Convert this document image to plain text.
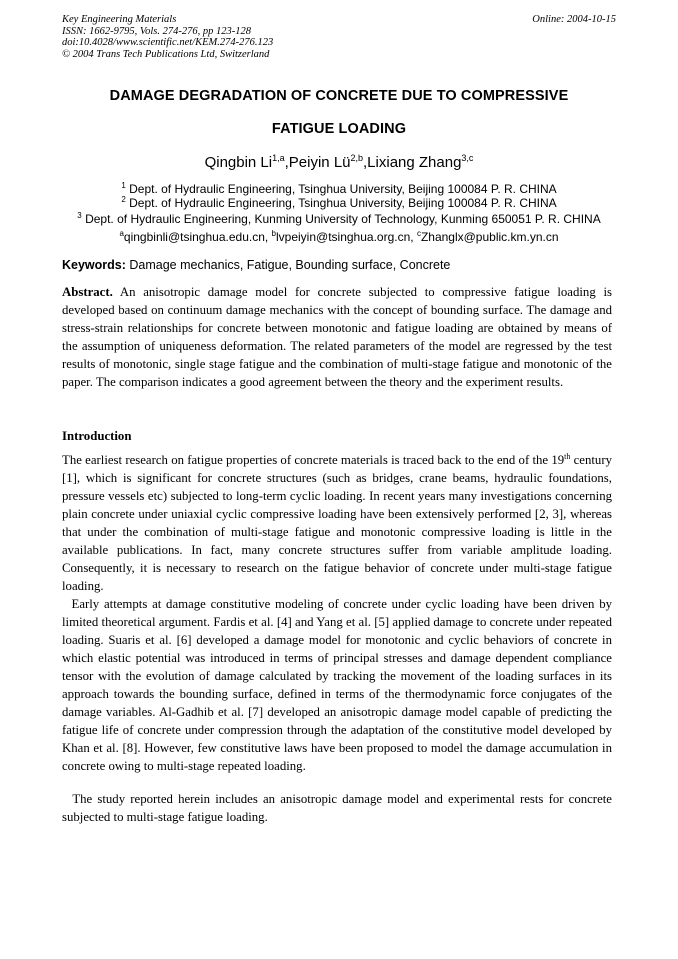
Key Engineering Materials
ISSN: 1662-9795, Vols. 274-276, pp 123-128
doi:10.4028/www.scientific.net/KEM.274-276.123
© 2004 Trans Tech Publications Ltd, Switzerland
Online: 2004-10-15
DAMAGE DEGRADATION OF CONCRETE DUE TO COMPRESSIVE
FATIGUE LOADING
Qingbin Li$^{1,a}$,Peiyin Lü$^{2,b}$,Lixiang Zhang$^{3,c}$
$^1$ Dept. of Hydraulic Engineering, Tsinghua University, Beijing 100084 P. R. CHINA
$^2$ Dept. of Hydraulic Engineering, Tsinghua University, Beijing 100084 P. R. CHINA
$^3$ Dept. of Hydraulic Engineering, Kunming University of Technology, Kunming 650051 P. R. CHINA
$^a$qingbinli@tsinghua.edu.cn, $^b$lvpeiyin@tsinghua.org.cn, $^c$Zhanglx@public.km.yn.cn
Keywords: Damage mechanics, Fatigue, Bounding surface, Concrete
Abstract. An anisotropic damage model for concrete subjected to compressive fatigue loading is developed based on continuum damage mechanics with the concept of bounding surface. The damage and stress-strain relationships for concrete between monotonic and fatigue loading are obtained by means of the assumption of uniqueness deformation. The related parameters of the model are regressed by the test results of monotonic, single stage fatigue and the combination of multi-stage fatigue and monotonic of the paper. The comparison indicates a good agreement between the theory and the experiment results.
Introduction
The earliest research on fatigue properties of concrete materials is traced back to the end of the 19th century [1], which is significant for concrete structures (such as bridges, crane beams, hydraulic foundations, pressure vessels etc) subjected to long-term cyclic loading. In recent years many investigations concerning plain concrete under uniaxial cyclic compressive loading have been extensively performed [2, 3], whereas that under the combination of multi-stage fatigue and monotonic compressive loading is little in the available publications. In fact, many concrete structures suffer from variable amplitude loading. Consequently, it is necessary to research on the fatigue behavior of concrete under multi-stage fatigue loading.
Early attempts at damage constitutive modeling of concrete under cyclic loading have been driven by limited theoretical argument. Fardis et al. [4] and Yang et al. [5] applied damage to concrete under repeated loading. Suaris et al. [6] developed a damage model for monotonic and cyclic behaviors of concrete in which elastic potential was introduced in terms of principal stresses and damage dependent compliance tensor with the evolution of damage calculated by tracking the movement of the loading surfaces in its approach towards the bounding surface, defined in terms of the thermodynamic force conjugates of the damage variables. Al-Gadhib et al. [7] developed an anisotropic damage model capable of predicting the fatigue life of concrete under compression through the adaptation of the constitutive model developed by Khan et al. [8]. However, few constitutive laws have been proposed to model the damage accumulation in concrete owing to multi-stage repeated loading.
The study reported herein includes an anisotropic damage model and experimental rests for concrete subjected to multi-stage fatigue loading.
